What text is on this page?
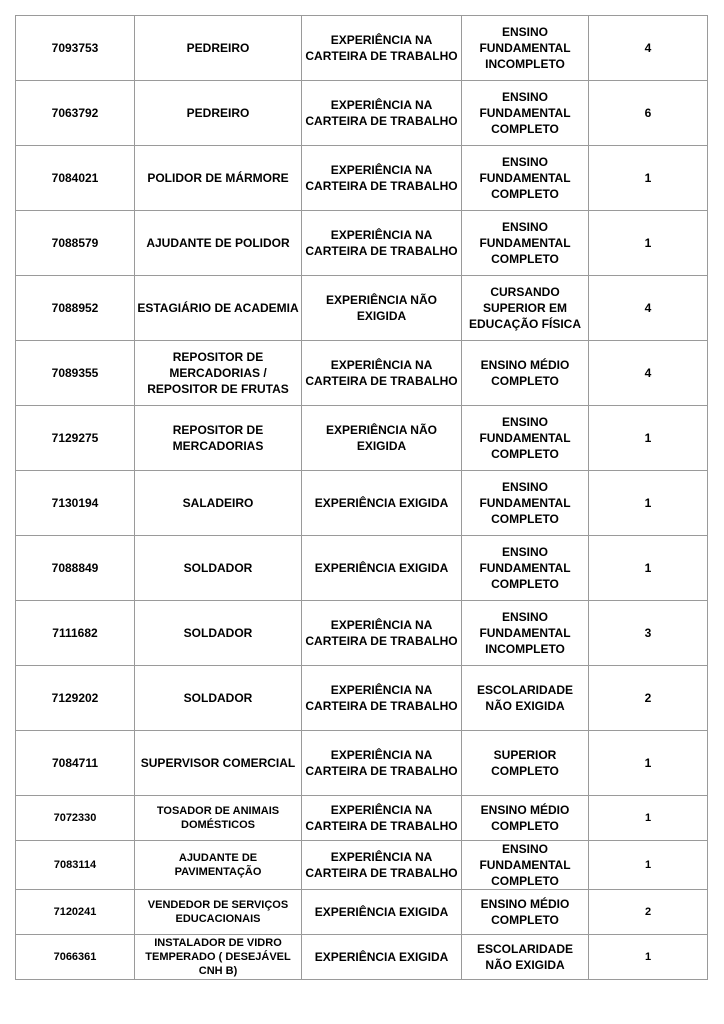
7093753	PEDREIRO	EXPERIÊNCIA NA CARTEIRA DE TRABALHO	ENSINO FUNDAMENTAL INCOMPLETO	4
7063792	PEDREIRO	EXPERIÊNCIA NA CARTEIRA DE TRABALHO	ENSINO FUNDAMENTAL COMPLETO	6
7084021	POLIDOR DE MÁRMORE	EXPERIÊNCIA NA CARTEIRA DE TRABALHO	ENSINO FUNDAMENTAL COMPLETO	1
7088579	AJUDANTE DE POLIDOR	EXPERIÊNCIA NA CARTEIRA DE TRABALHO	ENSINO FUNDAMENTAL COMPLETO	1
7088952	ESTAGIÁRIO DE ACADEMIA	EXPERIÊNCIA NÃO EXIGIDA	CURSANDO SUPERIOR EM EDUCAÇÃO FÍSICA	4
7089355	REPOSITOR DE MERCADORIAS / REPOSITOR DE FRUTAS	EXPERIÊNCIA NA CARTEIRA DE TRABALHO	ENSINO MÉDIO COMPLETO	4
7129275	REPOSITOR DE MERCADORIAS	EXPERIÊNCIA NÃO EXIGIDA	ENSINO FUNDAMENTAL COMPLETO	1
7130194	SALADEIRO	EXPERIÊNCIA EXIGIDA	ENSINO FUNDAMENTAL COMPLETO	1
7088849	SOLDADOR	EXPERIÊNCIA EXIGIDA	ENSINO FUNDAMENTAL COMPLETO	1
7111682	SOLDADOR	EXPERIÊNCIA NA CARTEIRA DE TRABALHO	ENSINO FUNDAMENTAL INCOMPLETO	3
7129202	SOLDADOR	EXPERIÊNCIA NA CARTEIRA DE TRABALHO	ESCOLARIDADE NÃO EXIGIDA	2
7084711	SUPERVISOR COMERCIAL	EXPERIÊNCIA NA CARTEIRA DE TRABALHO	SUPERIOR COMPLETO	1
7072330	TOSADOR DE ANIMAIS DOMÉSTICOS	EXPERIÊNCIA NA CARTEIRA DE TRABALHO	ENSINO MÉDIO COMPLETO	1
7083114	AJUDANTE DE PAVIMENTAÇÃO	EXPERIÊNCIA NA CARTEIRA DE TRABALHO	ENSINO FUNDAMENTAL COMPLETO	1
7120241	VENDEDOR DE SERVIÇOS EDUCACIONAIS	EXPERIÊNCIA EXIGIDA	ENSINO MÉDIO COMPLETO	2
7066361	INSTALADOR DE VIDRO TEMPERADO ( DESEJÁVEL CNH B)	EXPERIÊNCIA EXIGIDA	ESCOLARIDADE NÃO EXIGIDA	1
